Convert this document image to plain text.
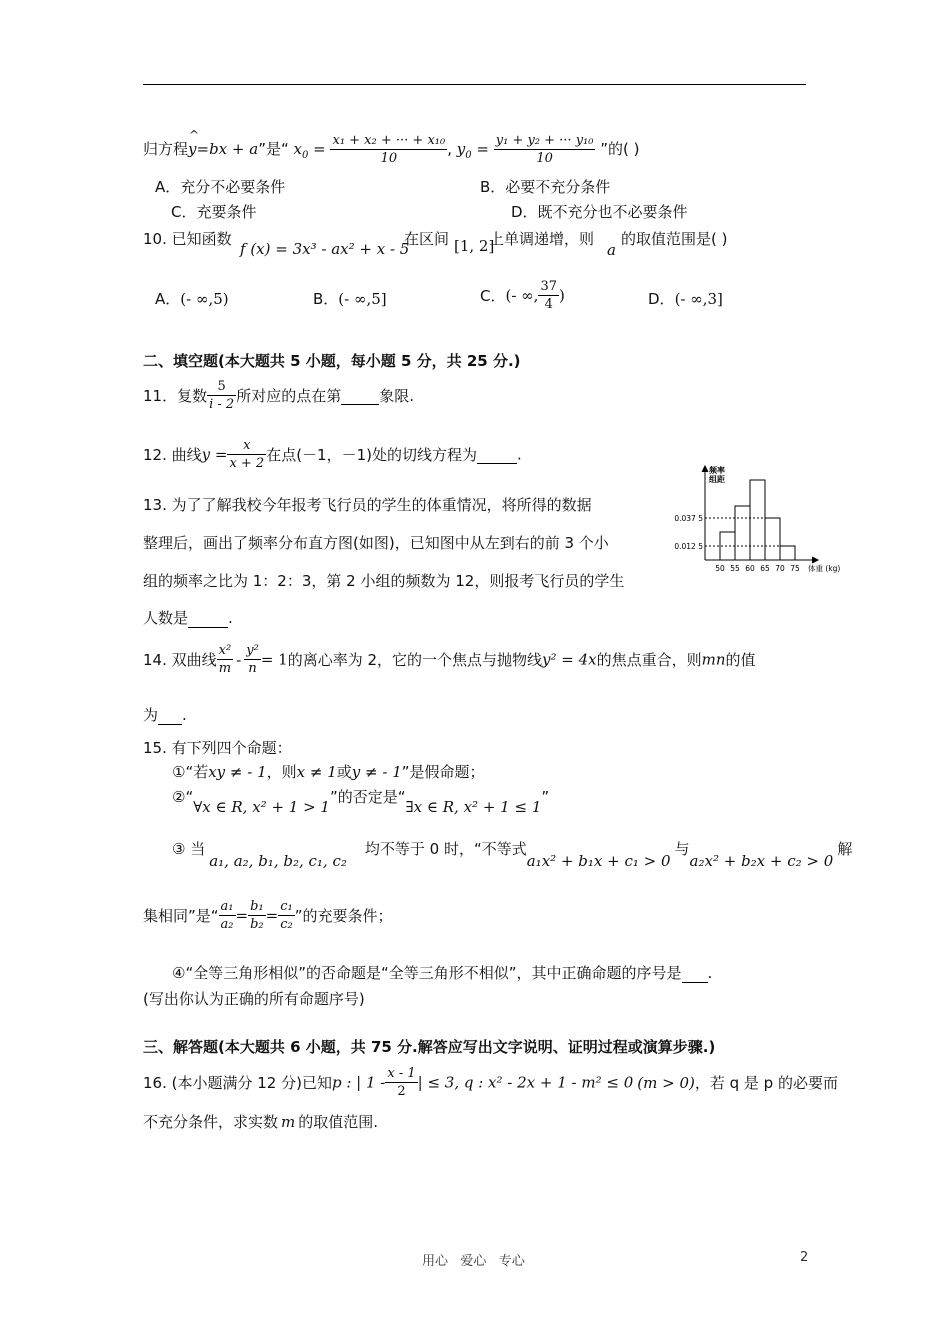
归方程
^
y=bx + a”是“ $x_0 = \frac{\text{x₁ + x₂ + ··· + x₁₀}}{10}$ , $y_0 = \frac{\text{y₁ + y₂ + ··· y₁₀}}{10}$ ”的( )
A．充分不必要条件	B．必要不充分条件
C．充要条件	D．既不充分也不必要条件
10. 已知函数
f (x) = 3x³ - ax² + x - 5
在区间 [1, 2]
上单调递增，则
a
的取值范围是( )
A．(- ∞,5)	B．(- ∞,5]	C．(- ∞, $\frac{37}{4}$ )	D．(- ∞,3]
二、填空题(本大题共 5 小题，每小题 5 分，共 25 分.)
11．复数 $\frac{5}{i - 2}$ 所对应的点在第	象限.
12. 曲线$y = \frac{x}{x + 2}$ 在点(－1，－1)处的切线方程为	.
13. 为了了解我校今年报考飞行员的学生的体重情况，将所得的数据
整理后，画出了频率分布直方图(如图)，已知图中从左到右的前 3 个小
组的频率之比为 1：2：3，第 2 小组的频数为 12，则报考飞行员的学生
人数是	.
频率
组距
0.037 5
0.012 5
50 55 60 65 70 75 体重 (kg)
14. 双曲线 $\frac{\text{x²}}{m} - \frac{\text{y²}}{n} = 1$的离心率为 2，它的一个焦点与抛物线y² = 4x的焦点重合，则mn的值
为 .
15. 有下列四个命题：
①“若xy ≠ - 1，则x ≠ 1或y ≠ - 1”是假命题；
②“∀x ∈ R, x² + 1 > 1”的否定是“∃x ∈ R, x² + 1 ≤ 1”
③ 当a₁, a₂, b₁, b₂, c₁, c₂均不等于 0 时，“不等式a₁x² + b₁x + c₁ > 0与a₂x² + b₂x + c₂ > 0解
集相同”是“ $\frac{\text{a₁}}{\text{a₂}} = \frac{\text{b₁}}{\text{b₂}} = \frac{\text{c₁}}{\text{c₂}}$ ”的充要条件；
④“全等三角形相似”的否命题是“全等三角形不相似”，其中正确命题的序号是 .
(写出你认为正确的所有命题序号)
三、解答题(本大题共 6 小题，共 75 分.解答应写出文字说明、证明过程或演算步骤.)
16. (本小题满分 12 分)已知p : | $1 - \frac{x - 1}{2}$ | ≤ 3, q : x² - 2x + 1 - m² ≤ 0 (m > 0)，若 q 是 p 的必要而
不充分条件，求实数 m 的取值范围.
用心   爱心   专心	2
